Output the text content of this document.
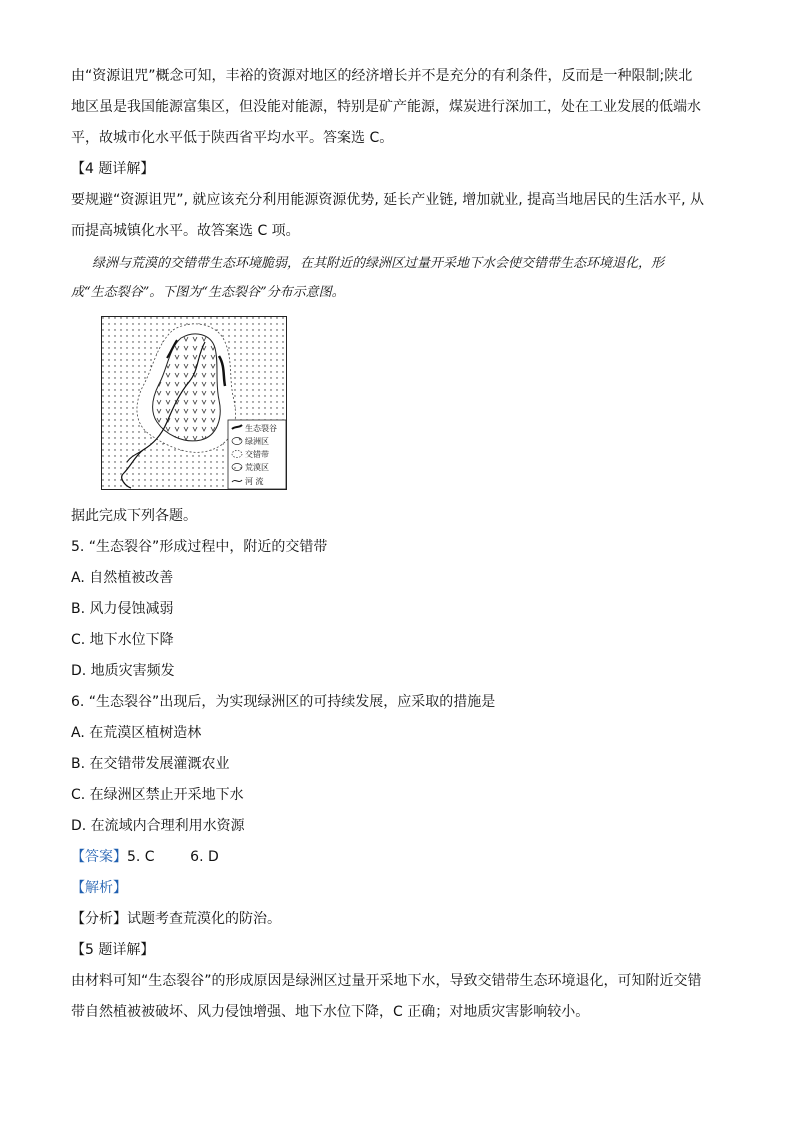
由“资源诅咒”概念可知，丰裕的资源对地区的经济增长并不是充分的有利条件，反而是一种限制;陕北
地区虽是我国能源富集区，但没能对能源，特别是矿产能源，煤炭进行深加工，处在工业发展的低端水
平，故城市化水平低于陕西省平均水平。答案选 C。
【4 题详解】
要规避“资源诅咒”, 就应该充分利用能源资源优势, 延长产业链, 增加就业, 提高当地居民的生活水平, 从
而提高城镇化水平。故答案选 C 项。
绿洲与荒漠的交错带生态环境脆弱，在其附近的绿洲区过量开采地下水会使交错带生态环境退化，形
成“生态裂谷”。下图为“生态裂谷”分布示意图。
生态裂谷
绿洲区
交错带
荒漠区
河 流
据此完成下列各题。
5. “生态裂谷”形成过程中，附近的交错带
A. 自然植被改善
B. 风力侵蚀减弱
C. 地下水位下降
D. 地质灾害频发
6. “生态裂谷”出现后，为实现绿洲区的可持续发展，应采取的措施是
A. 在荒漠区植树造林
B. 在交错带发展灌溉农业
C. 在绿洲区禁止开采地下水
D. 在流域内合理利用水资源
【答案】5. C        6. D
【解析】
【分析】试题考查荒漠化的防治。
【5 题详解】
由材料可知“生态裂谷”的形成原因是绿洲区过量开采地下水，导致交错带生态环境退化，可知附近交错
带自然植被被破坏、风力侵蚀增强、地下水位下降，C 正确；对地质灾害影响较小。
